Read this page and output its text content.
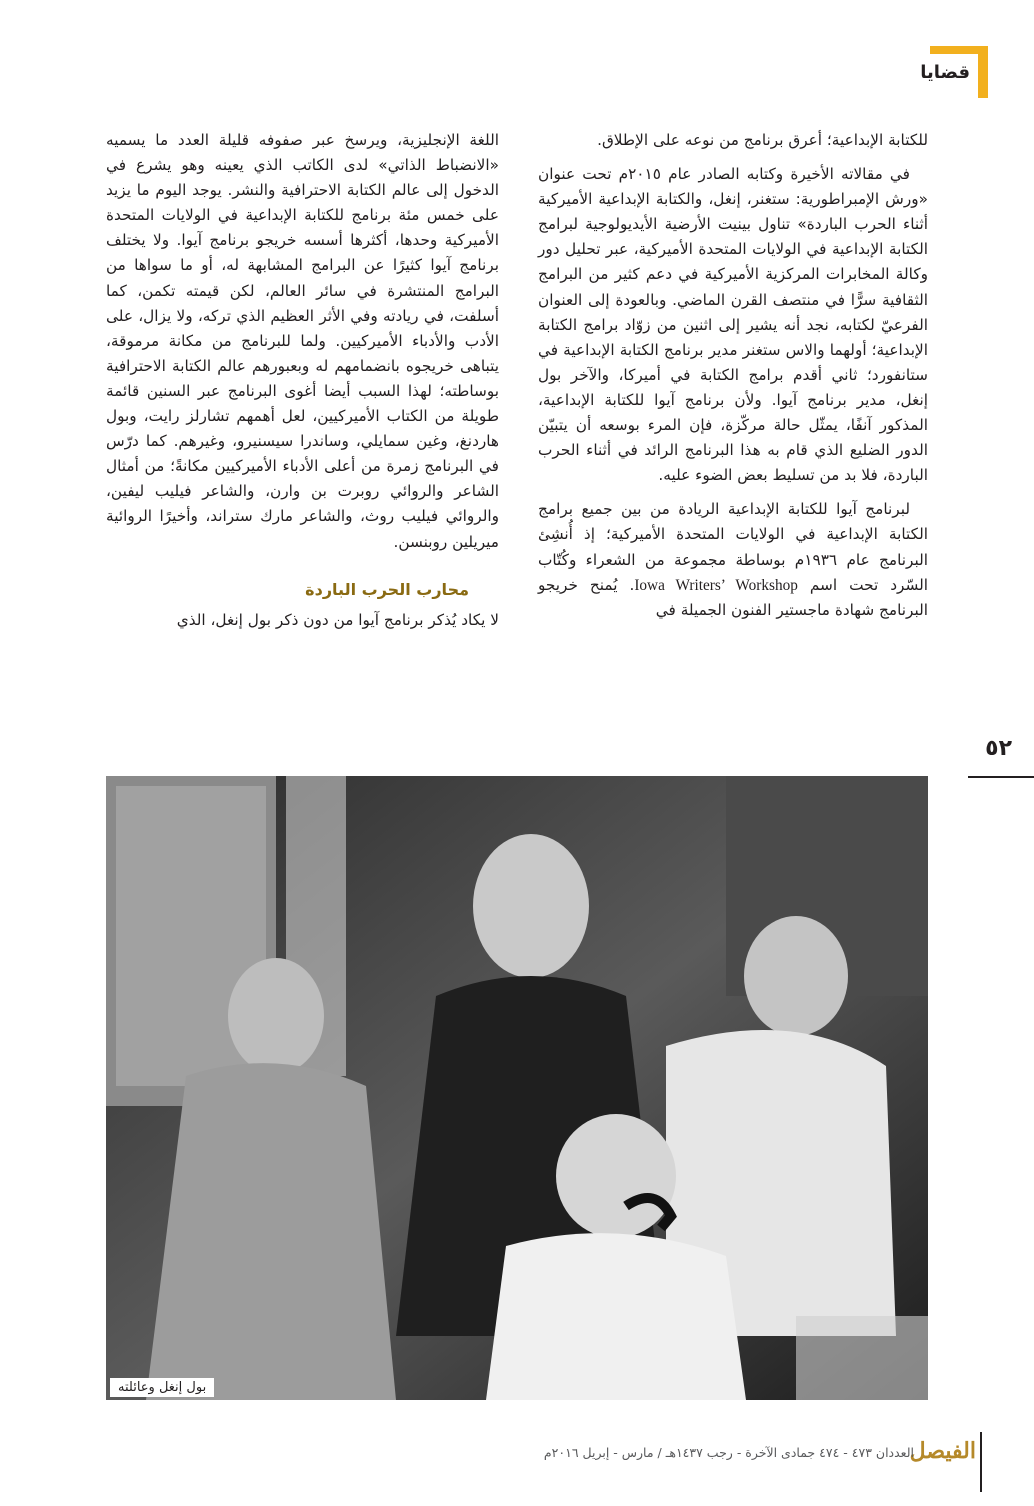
قضايا

للكتابة الإبداعية؛ أعرق برنامج من نوعه على الإطلاق.

في مقالاته الأخيرة وكتابه الصادر عام ٢٠١٥م تحت عنوان «ورش الإمبراطورية: ستغنر، إنغل، والكتابة الإبداعية الأميركية أثناء الحرب الباردة» تناول بينيت الأرضية الأيديولوجية لبرامج الكتابة الإبداعية في الولايات المتحدة الأميركية، عبر تحليل دور وكالة المخابرات المركزية الأميركية في دعم كثير من البرامج الثقافية سرًّا في منتصف القرن الماضي. وبالعودة إلى العنوان الفرعيّ لكتابه، نجد أنه يشير إلى اثنين من زوّاد برامج الكتابة الإبداعية؛ أولهما والاس ستغنر مدير برنامج الكتابة الإبداعية في ستانفورد؛ ثاني أقدم برامج الكتابة في أميركا، والآخر بول إنغل، مدير برنامج آيوا. ولأن برنامج آيوا للكتابة الإبداعية، المذكور آنفًا، يمثّل حالة مركّزة، فإن المرء بوسعه أن يتبيّن الدور الضليع الذي قام به هذا البرنامج الرائد في أثناء الحرب الباردة، فلا بد من تسليط بعض الضوء عليه.

لبرنامج آيوا للكتابة الإبداعية الريادة من بين جميع برامج الكتابة الإبداعية في الولايات المتحدة الأميركية؛ إذ أُنشِئ البرنامج عام ١٩٣٦م بوساطة مجموعة من الشعراء وكُتّاب السّرد تحت اسم Iowa Writers’ Workshop. يُمنح خريجو البرنامج شهادة ماجستير الفنون الجميلة في

اللغة الإنجليزية، ويرسخ عبر صفوفه قليلة العدد ما يسميه «الانضباط الذاتي» لدى الكاتب الذي يعينه وهو يشرع في الدخول إلى عالم الكتابة الاحترافية والنشر. يوجد اليوم ما يزيد على خمس مئة برنامج للكتابة الإبداعية في الولايات المتحدة الأميركية وحدها، أكثرها أسسه خريجو برنامج آيوا. ولا يختلف برنامج آيوا كثيرًا عن البرامج المشابهة له، أو ما سواها من البرامج المنتشرة في سائر العالم، لكن قيمته تكمن، كما أسلفت، في ريادته وفي الأثر العظيم الذي تركه، ولا يزال، على الأدب والأدباء الأميركيين. ولما للبرنامج من مكانة مرموقة، يتباهى خريجوه بانضمامهم له وبعبورهم عالم الكتابة الاحترافية بوساطته؛ لهذا السبب أيضا أغوى البرنامج عبر السنين قائمة طويلة من الكتاب الأميركيين، لعل أهمهم تشارلز رايت، وبول هاردنغ، وغين سمايلي، وساندرا سيسنيرو، وغيرهم. كما درّس في البرنامج زمرة من أعلى الأدباء الأميركيين مكانةً؛ من أمثال الشاعر والروائي روبرت بن وارن، والشاعر فيليب ليفين، والروائي فيليب روث، والشاعر مارك ستراند، وأخيرًا الروائية ميريلين روبنسن.

محارب الحرب الباردة

لا يكاد يُذكر برنامج آيوا من دون ذكر بول إنغل، الذي

٥٢
بول إنغل وعائلته
الفيصل
العددان ٤٧٣ - ٤٧٤ جمادى الآخرة - رجب ١٤٣٧هـ / مارس - إبريل ٢٠١٦م
